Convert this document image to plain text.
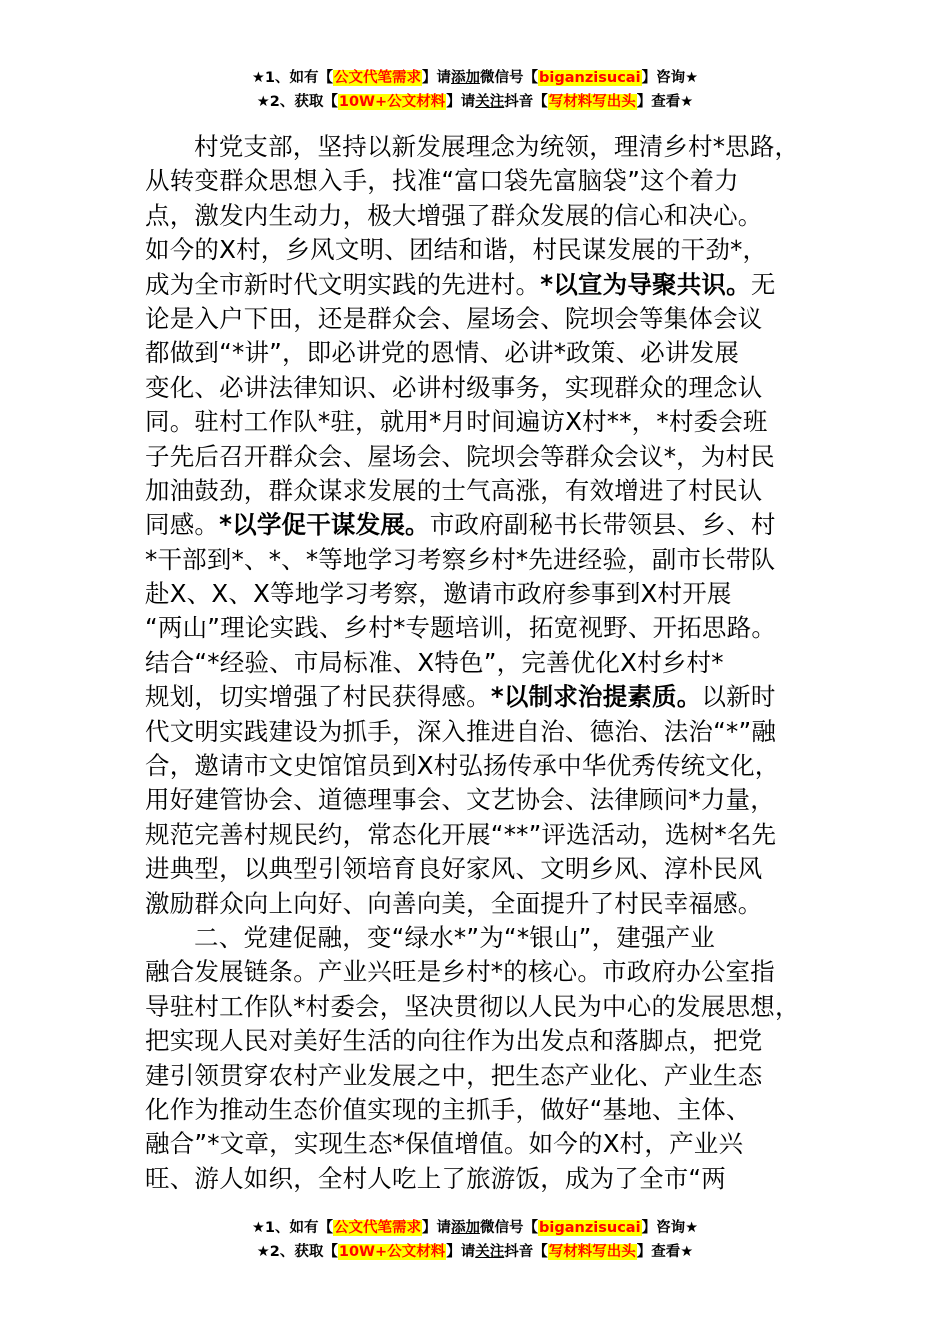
★1、如有【公文代笔需求】请添加微信号【biganzisucai】咨询★
★2、获取【10W+公文材料】请关注抖音【写材料写出头】查看★
村党支部，坚持以新发展理念为统领，理清乡村*思路，
从转变群众思想入手，找准“富口袋先富脑袋”这个着力
点，激发内生动力，极大增强了群众发展的信心和决心。
如今的X村，乡风文明、团结和谐，村民谋发展的干劲*，
成为全市新时代文明实践的先进村。*以宣为导聚共识。无
论是入户下田，还是群众会、屋场会、院坝会等集体会议
都做到“*讲”，即必讲党的恩情、必讲*政策、必讲发展
变化、必讲法律知识、必讲村级事务，实现群众的理念认
同。驻村工作队*驻，就用*月时间遍访X村**，*村委会班
子先后召开群众会、屋场会、院坝会等群众会议*，为村民
加油鼓劲，群众谋求发展的士气高涨，有效增进了村民认
同感。*以学促干谋发展。市政府副秘书长带领县、乡、村
*干部到*、*、*等地学习考察乡村*先进经验，副市长带队
赴X、X、X等地学习考察，邀请市政府参事到X村开展
“两山”理论实践、乡村*专题培训，拓宽视野、开拓思路。
结合“*经验、市局标准、X特色”，完善优化X村乡村*
规划，切实增强了村民获得感。*以制求治提素质。以新时
代文明实践建设为抓手，深入推进自治、德治、法治“*”融
合，邀请市文史馆馆员到X村弘扬传承中华优秀传统文化，
用好建管协会、道德理事会、文艺协会、法律顾问*力量，
规范完善村规民约，常态化开展“**”评选活动，选树*名先
进典型，以典型引领培育良好家风、文明乡风、淳朴民风
激励群众向上向好、向善向美，全面提升了村民幸福感。
二、党建促融，变“绿水*”为“*银山”，建强产业
融合发展链条。产业兴旺是乡村*的核心。市政府办公室指
导驻村工作队*村委会，坚决贯彻以人民为中心的发展思想，
把实现人民对美好生活的向往作为出发点和落脚点，把党
建引领贯穿农村产业发展之中，把生态产业化、产业生态
化作为推动生态价值实现的主抓手，做好“基地、主体、
融合”*文章，实现生态*保值增值。如今的X村，产业兴
旺、游人如织，全村人吃上了旅游饭，成为了全市“两
★1、如有【公文代笔需求】请添加微信号【biganzisucai】咨询★
★2、获取【10W+公文材料】请关注抖音【写材料写出头】查看★
